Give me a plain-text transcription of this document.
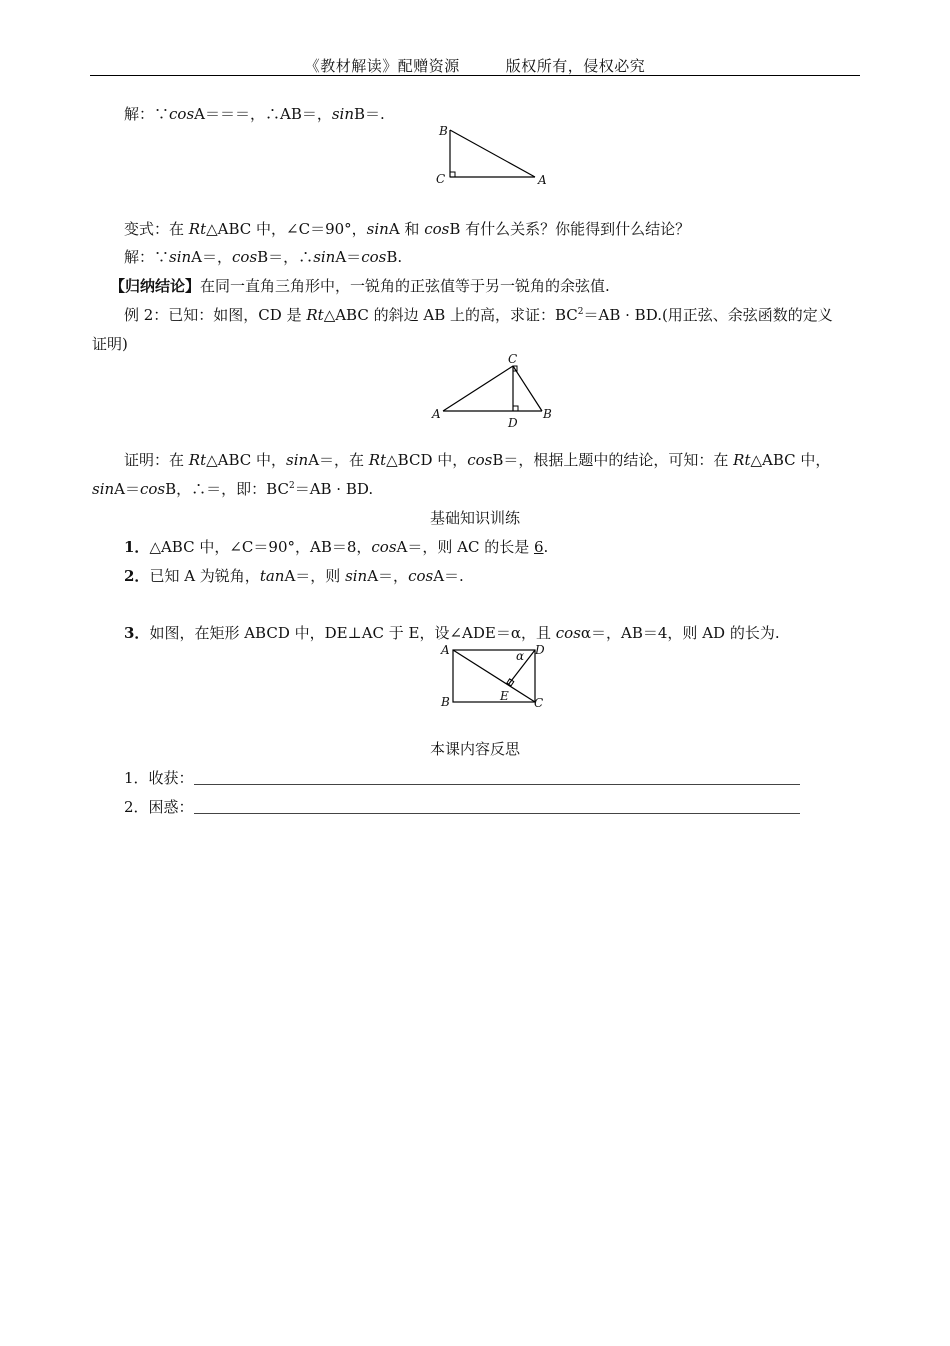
《教材解读》配赠资源	版权所有，侵权必究
解：∵cosA＝＝＝，∴AB＝，sinB＝.
B
C	A
变式：在 Rt△ABC 中，∠C＝90°，sinA 和 cosB 有什么关系？你能得到什么结论？
解：∵sinA＝，cosB＝，∴sinA＝cosB.
【归纳结论】在同一直角三角形中，一锐角的正弦值等于另一锐角的余弦值.
例 2：已知：如图，CD 是 Rt△ABC 的斜边 AB 上的高，求证：$BC^2=AB \cdot BD$.(用正弦、余弦函数的定义
证明)
C
A
D
B
证明：在 Rt△ABC 中，sinA＝，在 Rt△BCD 中，cosB＝，根据上题中的结论，可知：在 Rt△ABC 中，
sinA＝cosB，∴＝，即：$BC^2=AB$ · BD.
基础知识训练
1．△ABC 中，∠C＝90°，AB＝8，cosA＝，则 AC 的长是 6.
2．已知 A 为锐角，tanA＝，则 sinA＝，cosA＝.
3．如图，在矩形 ABCD 中，DE⊥AC 于 E，设∠ADE＝α，且 cosα＝，AB＝4，则 AD 的长为.
A	D
α
B	E C
本课内容反思
1．收获：
2．困惑：
